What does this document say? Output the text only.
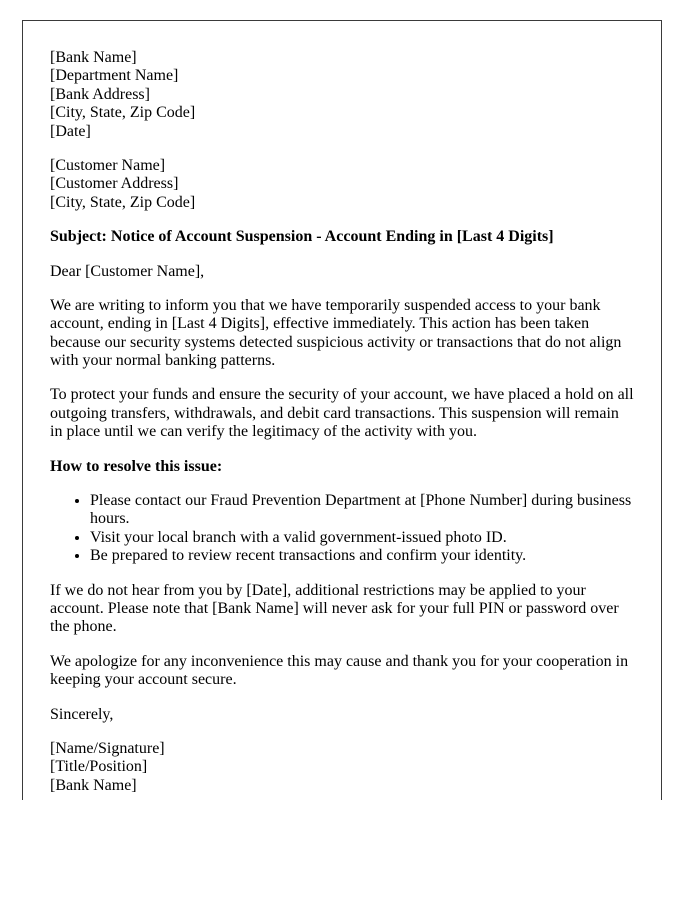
[Bank Name]
[Department Name]
[Bank Address]
[City, State, Zip Code]
[Date]

[Customer Name]
[Customer Address]
[City, State, Zip Code]

Subject: Notice of Account Suspension - Account Ending in [Last 4 Digits]

Dear [Customer Name],

We are writing to inform you that we have temporarily suspended access to your bank account, ending in [Last 4 Digits], effective immediately. This action has been taken because our security systems detected suspicious activity or transactions that do not align with your normal banking patterns.

To protect your funds and ensure the security of your account, we have placed a hold on all outgoing transfers, withdrawals, and debit card transactions. This suspension will remain in place until we can verify the legitimacy of the activity with you.

How to resolve this issue:

• Please contact our Fraud Prevention Department at [Phone Number] during business hours.
• Visit your local branch with a valid government-issued photo ID.
• Be prepared to review recent transactions and confirm your identity.

If we do not hear from you by [Date], additional restrictions may be applied to your account. Please note that [Bank Name] will never ask for your full PIN or password over the phone.

We apologize for any inconvenience this may cause and thank you for your cooperation in keeping your account secure.

Sincerely,

[Name/Signature]
[Title/Position]
[Bank Name]
